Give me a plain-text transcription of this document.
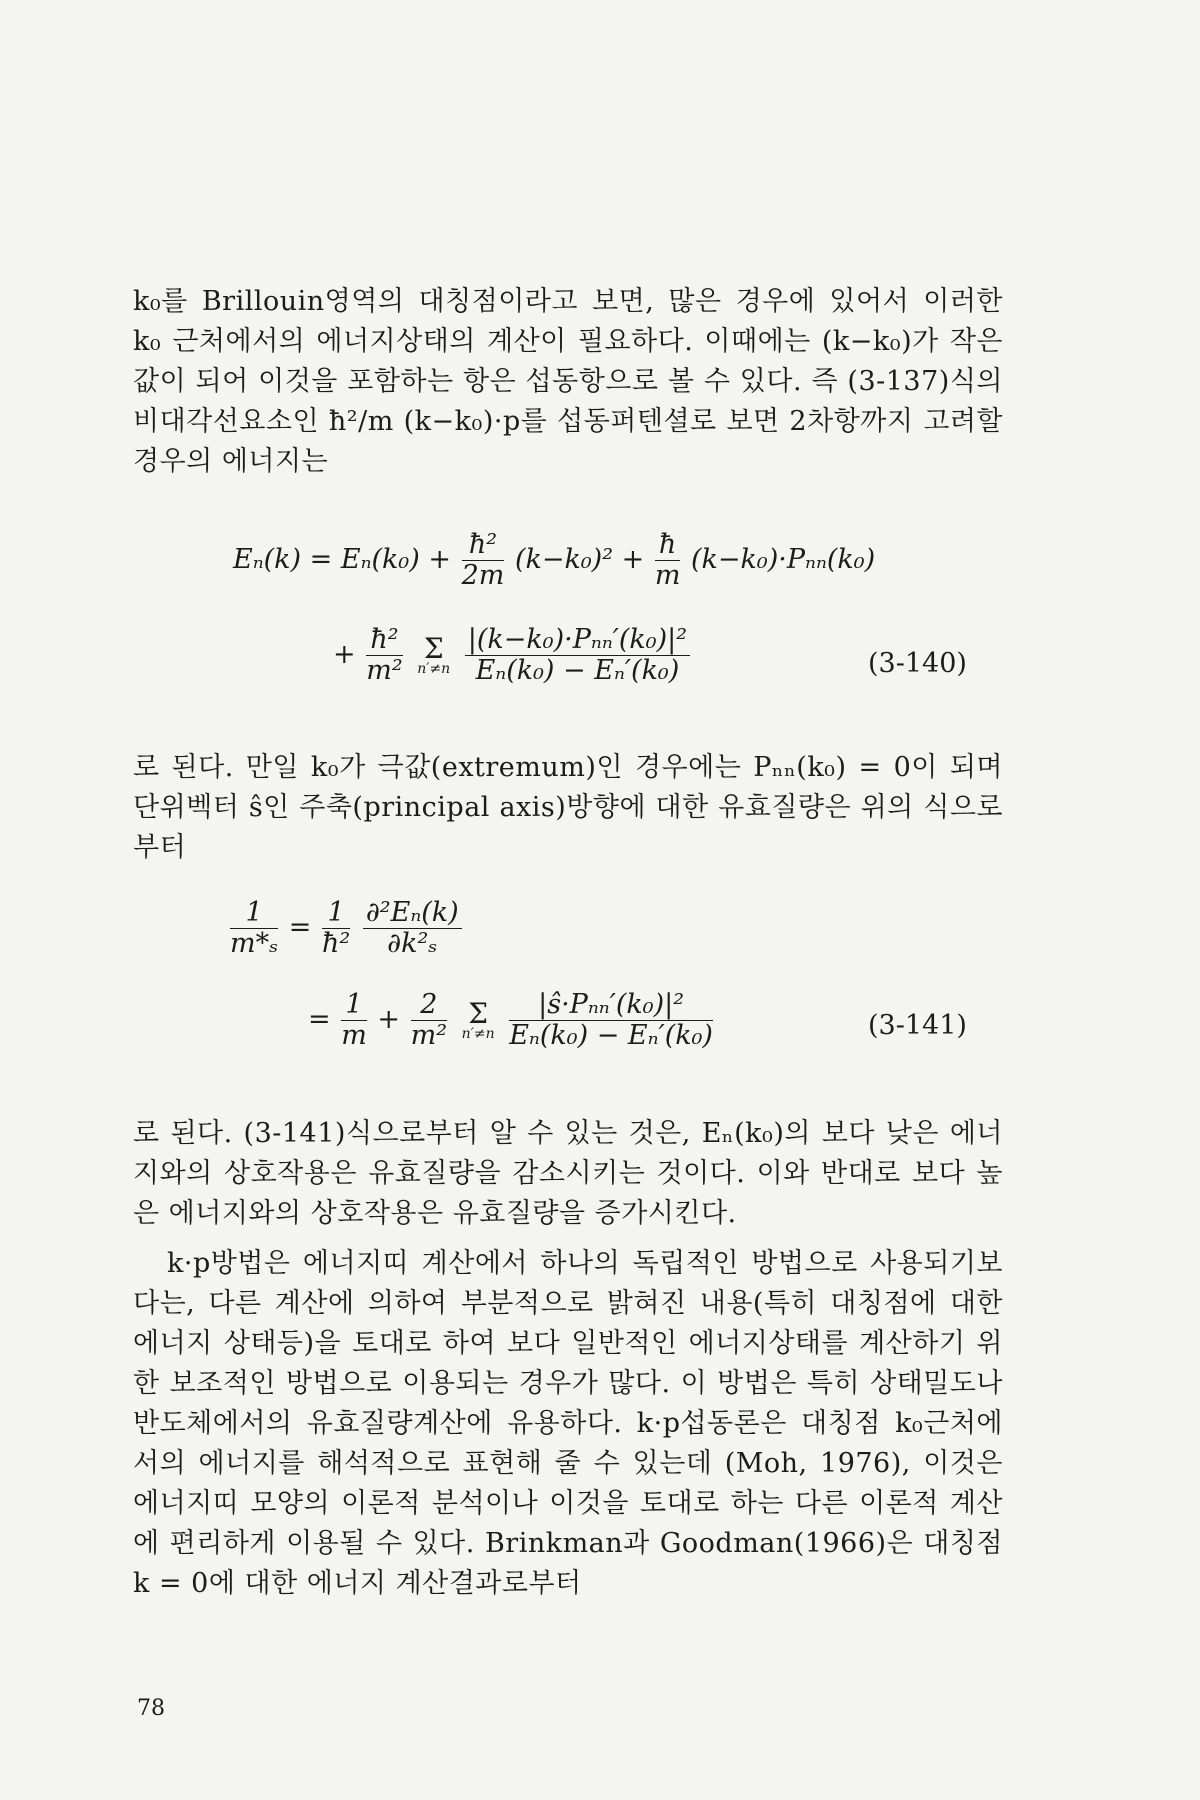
k₀를 Brillouin영역의 대칭점이라고 보면, 많은 경우에 있어서 이러한 k₀ 근처에서의 에너지상태의 계산이 필요하다. 이때에는 (k−k₀)가 작은 값이 되어 이것을 포함하는 항은 섭동항으로 볼 수 있다. 즉 (3-137)식의 비대각선요소인 ħ²/m (k−k₀)·p를 섭동퍼텐셜로 보면 2차항까지 고려할 경우의 에너지는

$E_n(k) = E_n(k_0) + \frac{\text{ħ²}}{2m} (k-k_0)^2 + \frac{ħ}{m} (k-k_0)\cdot P_{nn}(k_0)$
+ $\frac{\text{ħ²}}{\text{m²}}$
Σ
n′≠n
$\frac{\text{|(k−k₀)·Pₙₙ′(k₀)|²}}{\text{Eₙ(k₀) − Eₙ′(k₀)}}$	(3-140)

로 된다. 만일 k₀가 극값(extremum)인 경우에는 Pₙₙ(k₀) = 0이 되며 단위벡터 ŝ인 주축(principal axis)방향에 대한 유효질량은 위의 식으로부터

$\frac{1}{\text{m*ₛ}} = \frac{1}{\text{ħ²}}$
$\frac{\text{∂²Eₙ(k)}}{\text{∂k²ₛ}}$
= $\frac{1}{m} + \frac{2}{\text{m²}}$
Σ
n′≠n
$\frac{\text{|ŝ·Pₙₙ′(k₀)|²}}{\text{Eₙ(k₀) − Eₙ′(k₀)}}$	(3-141)

로 된다. (3-141)식으로부터 알 수 있는 것은, Eₙ(k₀)의 보다 낮은 에너지와의 상호작용은 유효질량을 감소시키는 것이다. 이와 반대로 보다 높은 에너지와의 상호작용은 유효질량을 증가시킨다.

k·p방법은 에너지띠 계산에서 하나의 독립적인 방법으로 사용되기보다는, 다른 계산에 의하여 부분적으로 밝혀진 내용(특히 대칭점에 대한 에너지 상태등)을 토대로 하여 보다 일반적인 에너지상태를 계산하기 위한 보조적인 방법으로 이용되는 경우가 많다. 이 방법은 특히 상태밀도나 반도체에서의 유효질량계산에 유용하다. k·p섭동론은 대칭점 k₀근처에서의 에너지를 해석적으로 표현해 줄 수 있는데 (Moh, 1976), 이것은 에너지띠 모양의 이론적 분석이나 이것을 토대로 하는 다른 이론적 계산에 편리하게 이용될 수 있다. Brinkman과 Goodman(1966)은 대칭점 k = 0에 대한 에너지 계산결과로부터

78
